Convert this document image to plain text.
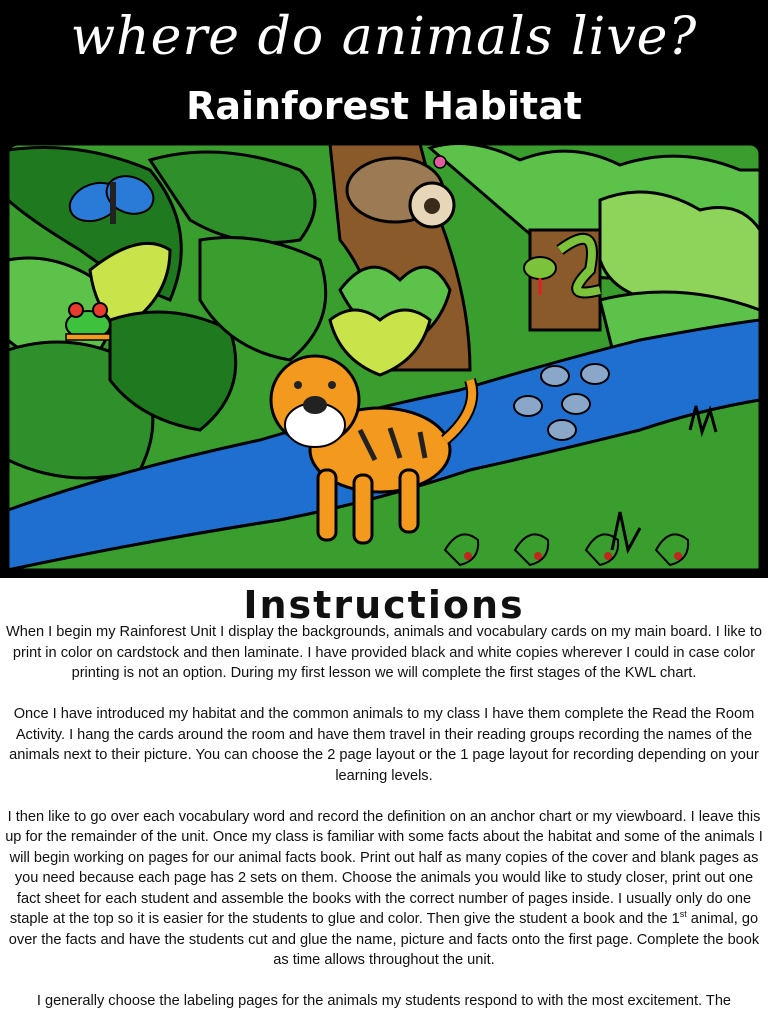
where do animals live?
Rainforest Habitat
Instructions

When I begin my Rainforest Unit I display the backgrounds, animals and vocabulary cards on my main board. I like to print in color on cardstock and then laminate. I have provided black and white copies wherever I could in case color printing is not an option. During my first lesson we will complete the first stages of the KWL chart.

Once I have introduced my habitat and the common animals to my class I have them complete the Read the Room Activity. I hang the cards around the room and have them travel in their reading groups recording the names of the animals next to their picture. You can choose the 2 page layout or the 1 page layout for recording depending on your learning levels.

I then like to go over each vocabulary word and record the definition on an anchor chart or my viewboard. I leave this up for the remainder of the unit. Once my class is familiar with some facts about the habitat and some of the animals I will begin working on pages for our animal facts book. Print out half as many copies of the cover and blank pages as you need because each page has 2 sets on them. Choose the animals you would like to study closer, print out one fact sheet for each student and assemble the books with the correct number of pages inside. I usually only do one staple at the top so it is easier for the students to glue and color. Then give the student a book and the 1st animal, go over the facts and have the students cut and glue the name, picture and facts onto the first page. Complete the book as time allows throughout the unit.

I generally choose the labeling pages for the animals my students respond to with the most excitement. The
